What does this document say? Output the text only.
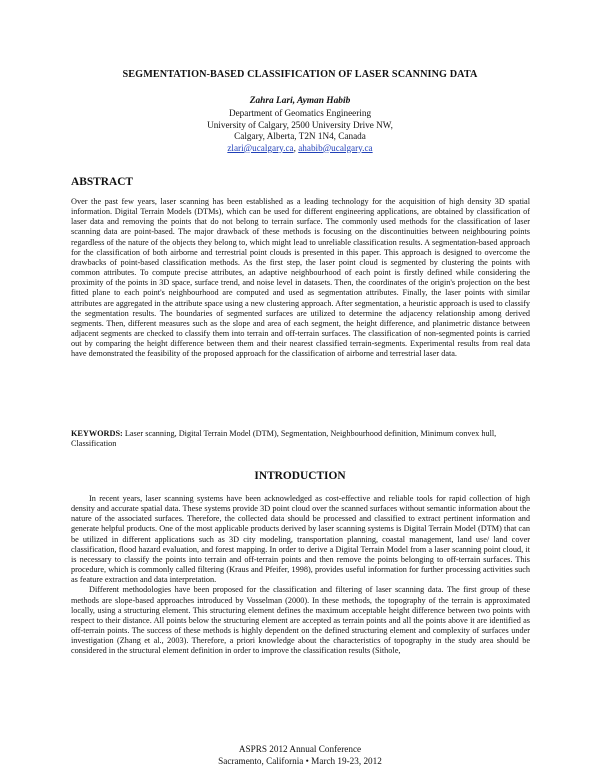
SEGMENTATION-BASED CLASSIFICATION OF LASER SCANNING DATA
Zahra Lari, Ayman Habib
Department of Geomatics Engineering
University of Calgary, 2500 University Drive NW,
Calgary, Alberta, T2N 1N4, Canada
zlari@ucalgary.ca, ahabib@ucalgary.ca
ABSTRACT

Over the past few years, laser scanning has been established as a leading technology for the acquisition of high density 3D spatial information. Digital Terrain Models (DTMs), which can be used for different engineering applications, are obtained by classification of laser data and removing the points that do not belong to terrain surface. The commonly used methods for the classification of laser scanning data are point-based. The major drawback of these methods is focusing on the discontinuities between neighbouring points regardless of the nature of the objects they belong to, which might lead to unreliable classification results. A segmentation-based approach for the classification of both airborne and terrestrial point clouds is presented in this paper. This approach is designed to overcome the drawbacks of point-based classification methods. As the first step, the laser point cloud is segmented by clustering the points with common attributes. To compute precise attributes, an adaptive neighbourhood of each point is firstly defined while considering the proximity of the points in 3D space, surface trend, and noise level in datasets. Then, the coordinates of the origin's projection on the best fitted plane to each point's neighbourhood are computed and used as segmentation attributes. Finally, the laser points with similar attributes are aggregated in the attribute space using a new clustering approach. After segmentation, a heuristic approach is used to classify the segmentation results. The boundaries of segmented surfaces are utilized to determine the adjacency relationship among derived segments. Then, different measures such as the slope and area of each segment, the height difference, and planimetric distance between adjacent segments are checked to classify them into terrain and off-terrain surfaces. The classification of non-segmented points is carried out by comparing the height difference between them and their nearest classified terrain-segments. Experimental results from real data have demonstrated the feasibility of the proposed approach for the classification of airborne and terrestrial laser data.

KEYWORDS: Laser scanning, Digital Terrain Model (DTM), Segmentation, Neighbourhood definition, Minimum convex hull, Classification

INTRODUCTION

In recent years, laser scanning systems have been acknowledged as cost-effective and reliable tools for rapid collection of high density and accurate spatial data. These systems provide 3D point cloud over the scanned surfaces without semantic information about the nature of the associated surfaces. Therefore, the collected data should be processed and classified to extract pertinent information and generate helpful products. One of the most applicable products derived by laser scanning systems is Digital Terrain Model (DTM) that can be utilized in different applications such as 3D city modeling, transportation planning, coastal management, land use/ land cover classification, flood hazard evaluation, and forest mapping. In order to derive a Digital Terrain Model from a laser scanning point cloud, it is necessary to classify the points into terrain and off-terrain points and then remove the points belonging to off-terrain surfaces. This procedure, which is commonly called filtering (Kraus and Pfeifer, 1998), provides useful information for further processing activities such as feature extraction and data interpretation.

Different methodologies have been proposed for the classification and filtering of laser scanning data. The first group of these methods are slope-based approaches introduced by Vosselman (2000). In these methods, the topography of the terrain is approximated locally, using a structuring element. This structuring element defines the maximum acceptable height difference between two points with respect to their distance. All points below the structuring element are accepted as terrain points and all the points above it are identified as off-terrain points. The success of these methods is highly dependent on the defined structuring element and complexity of surfaces under investigation (Zhang et al., 2003). Therefore, a priori knowledge about the characteristics of topography in the study area should be considered in the structural element definition in order to improve the classification results (Sithole,

ASPRS 2012 Annual Conference
Sacramento, California • March 19-23, 2012
